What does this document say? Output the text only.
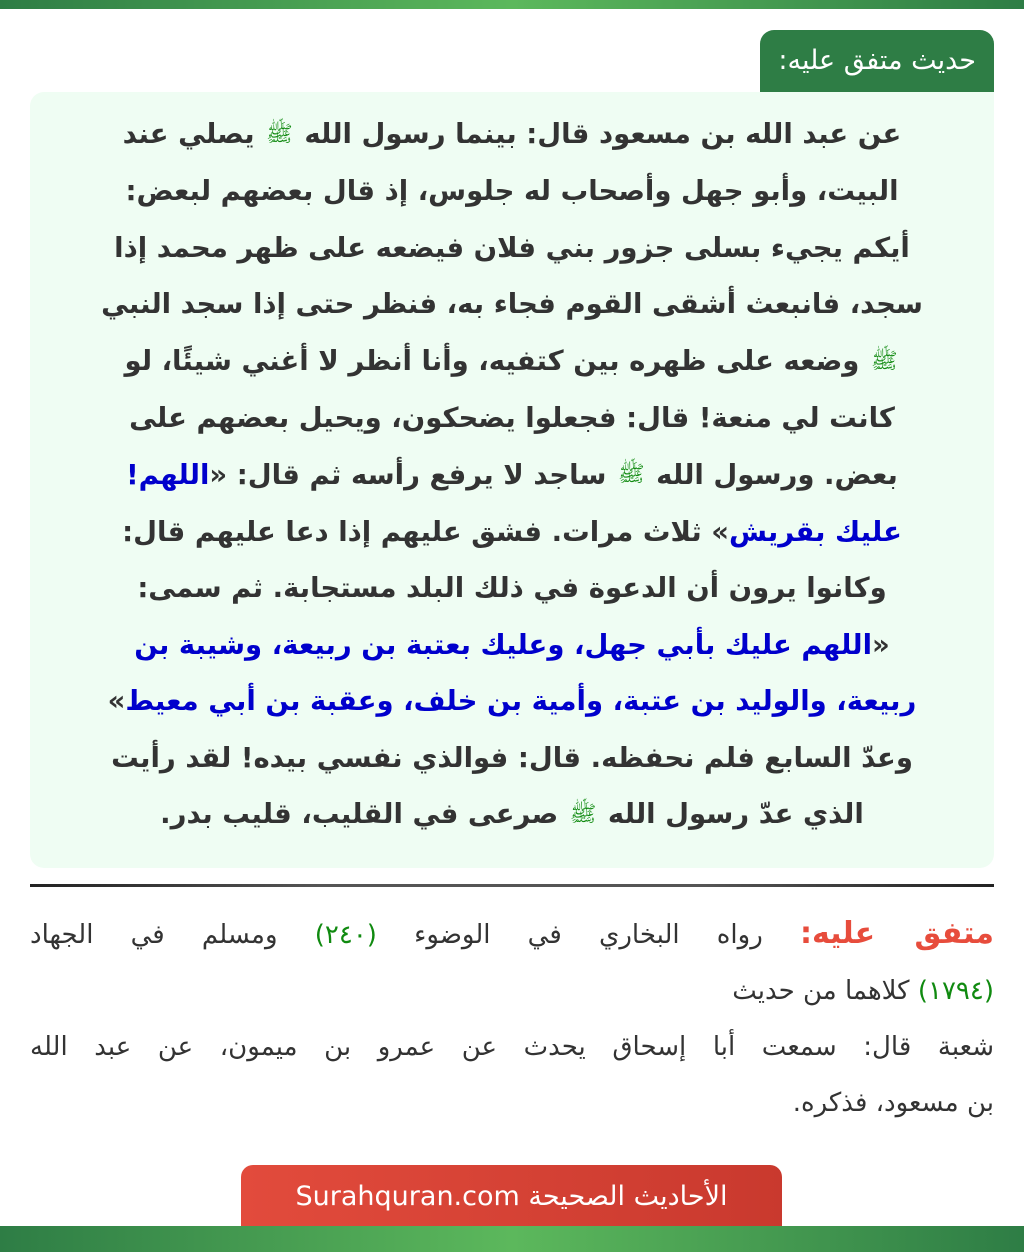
حديث متفق عليه:
عن عبد الله بن مسعود قال: بينما رسول الله ﷺ يصلي عند
البيت، وأبو جهل وأصحاب له جلوس، إذ قال بعضهم لبعض:
أيكم يجيء بسلى جزور بني فلان فيضعه على ظهر محمد إذا
سجد، فانبعث أشقى القوم فجاء به، فنظر حتى إذا سجد النبي
ﷺ وضعه على ظهره بين كتفيه، وأنا أنظر لا أغني شيئًا، لو
كانت لي منعة! قال: فجعلوا يضحكون، ويحيل بعضهم على
بعض. ورسول الله ﷺ ساجد لا يرفع رأسه ثم قال: «اللهم!
عليك بقريش» ثلاث مرات. فشق عليهم إذا دعا عليهم قال:
وكانوا يرون أن الدعوة في ذلك البلد مستجابة. ثم سمى:
«اللهم عليك بأبي جهل، وعليك بعتبة بن ربيعة، وشيبة بن
ربيعة، والوليد بن عتبة، وأمية بن خلف، وعقبة بن أبي معيط»
وعدّ السابع فلم نحفظه. قال: فوالذي نفسي بيده! لقد رأيت
الذي عدّ رسول الله ﷺ صرعى في القليب، قليب بدر.
متفق عليه: رواه البخاري في الوضوء (٢٤٠) ومسلم في الجهاد
(١٧٩٤) كلاهما من حديث
شعبة قال: سمعت أبا إسحاق يحدث عن عمرو بن ميمون، عن عبد الله
بن مسعود، فذكره.
الأحاديث الصحيحة Surahquran.com
